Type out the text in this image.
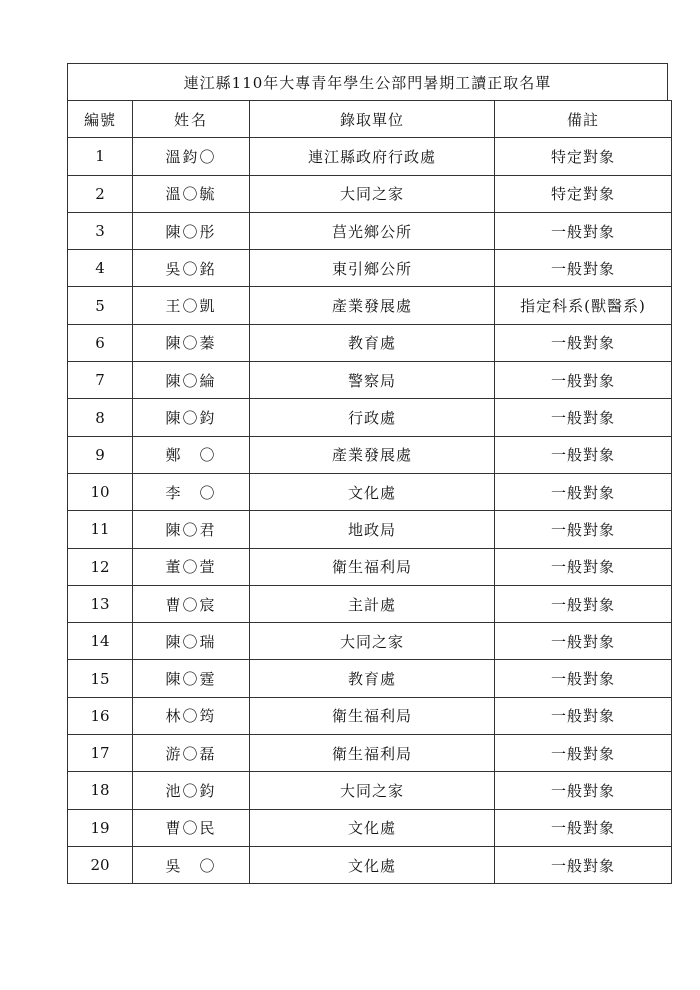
連江縣110年大專青年學生公部門暑期工讀正取名單
編號	姓名	錄取單位	備註
1	溫鈞〇	連江縣政府行政處	特定對象
2	溫〇毓	大同之家	特定對象
3	陳〇彤	莒光鄉公所	一般對象
4	吳〇銘	東引鄉公所	一般對象
5	王〇凱	產業發展處	指定科系(獸醫系)
6	陳〇蓁	教育處	一般對象
7	陳〇綸	警察局	一般對象
8	陳〇鈞	行政處	一般對象
9	鄭　〇	產業發展處	一般對象
10	李　〇	文化處	一般對象
11	陳〇君	地政局	一般對象
12	董〇萱	衛生福利局	一般對象
13	曹〇宸	主計處	一般對象
14	陳〇瑞	大同之家	一般對象
15	陳〇霆	教育處	一般對象
16	林〇筠	衛生福利局	一般對象
17	游〇磊	衛生福利局	一般對象
18	池〇鈞	大同之家	一般對象
19	曹〇民	文化處	一般對象
20	吳　〇	文化處	一般對象
